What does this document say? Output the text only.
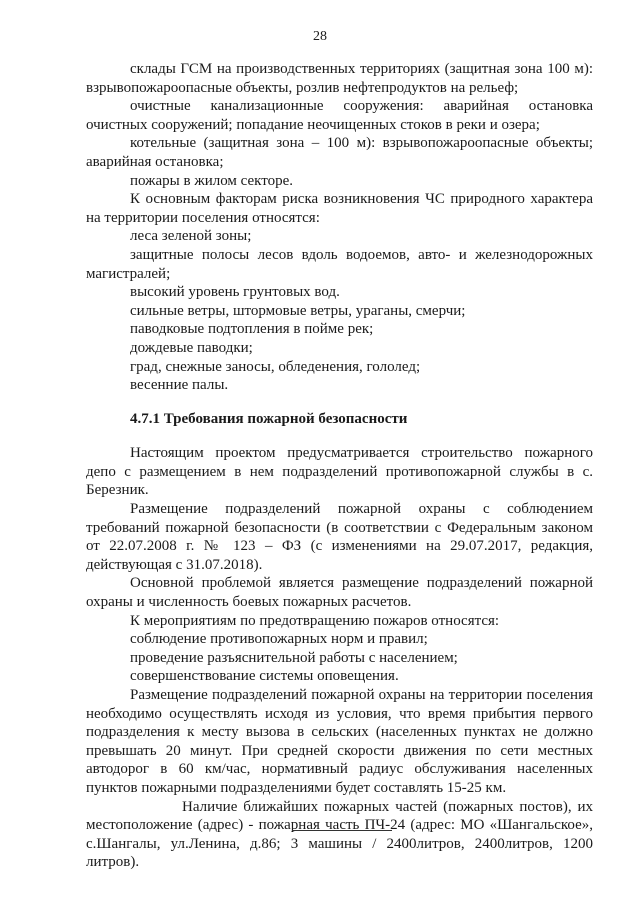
28

склады ГСМ на производственных территориях (защитная зона 100 м): взрывопожароопасные объекты, розлив нефтепродуктов на рельеф;

очистные канализационные сооружения: аварийная остановка очистных сооружений; попадание неочищенных стоков в реки и озера;

котельные (защитная зона – 100 м): взрывопожароопасные объекты; аварийная остановка;

пожары в жилом секторе.

К основным факторам риска возникновения ЧС природного характера на территории поселения относятся:

леса зеленой зоны;

защитные полосы лесов вдоль водоемов, авто- и железнодорожных магистралей;

высокий уровень грунтовых вод.

сильные ветры, штормовые ветры, ураганы, смерчи;

паводковые подтопления в пойме рек;

дождевые паводки;

град, снежные заносы, обледенения, гололед;

весенние палы.

4.7.1 Требования пожарной безопасности

Настоящим проектом предусматривается строительство пожарного депо с размещением в нем подразделений противопожарной службы в с. Березник.

Размещение подразделений пожарной охраны с соблюдением требований пожарной безопасности (в соответствии с Федеральным законом от 22.07.2008 г. № 123 – ФЗ (с изменениями на 29.07.2017, редакция, действующая с 31.07.2018).

Основной проблемой является размещение подразделений пожарной охраны и численность боевых пожарных расчетов.

К мероприятиям по предотвращению пожаров относятся:

соблюдение противопожарных норм и правил;

проведение разъяснительной работы с населением;

совершенствование системы оповещения.

Размещение подразделений пожарной охраны на территории поселения необходимо осуществлять исходя из условия, что время прибытия первого подразделения к месту вызова в сельских (населенных пунктах не должно превышать 20 минут. При средней скорости движения по сети местных автодорог в 60 км/час, нормативный радиус обслуживания населенных пунктов пожарными подразделениями будет составлять 15-25 км.

Наличие ближайших пожарных частей (пожарных постов), их местоположение (адрес) - пожарная часть ПЧ-24 (адрес: МО «Шангальское», с.Шангалы, ул.Ленина, д.86; 3 машины / 2400литров, 2400литров, 1200 литров).
